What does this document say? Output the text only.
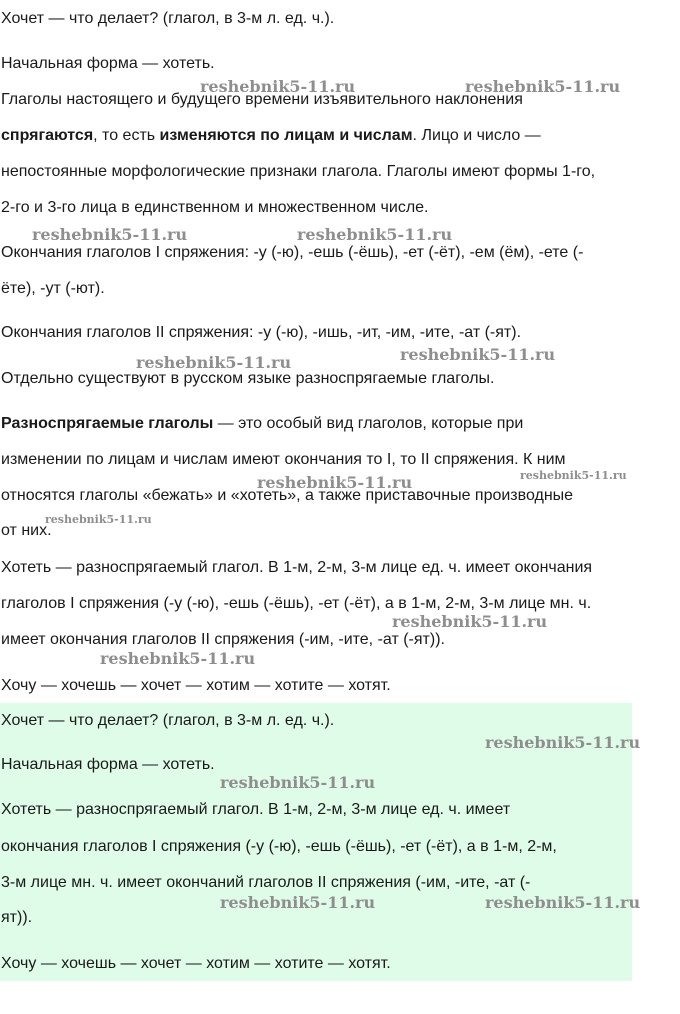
Хочет — что делает? (глагол, в 3-м л. ед. ч.).
Начальная форма — хотеть.
Глаголы настоящего и будущего времени изъявительного наклонения
спрягаются, то есть изменяются по лицам и числам. Лицо и число —
непостоянные морфологические признаки глагола. Глаголы имеют формы 1-го,
2-го и 3-го лица в единственном и множественном числе.
Окончания глаголов I спряжения: -у (-ю), -ешь (-ёшь), -ет (-ёт), -ем (ём), -ете (-
ёте), -ут (-ют).
Окончания глаголов II спряжения: -у (-ю), -ишь, -ит, -им, -ите, -ат (-ят).
Отдельно существуют в русском языке разноспрягаемые глаголы.
Разноспрягаемые глаголы — это особый вид глаголов, которые при
изменении по лицам и числам имеют окончания то I, то II спряжения. К ним
относятся глаголы «бежать» и «хотеть», а также приставочные производные
от них.
Хотеть — разноспрягаемый глагол. В 1-м, 2-м, 3-м лице ед. ч. имеет окончания
глаголов I спряжения (-у (-ю), -ешь (-ёшь), -ет (-ёт), а в 1-м, 2-м, 3-м лице мн. ч.
имеет окончания глаголов II спряжения (-им, -ите, -ат (-ят)).
Хочу — хочешь — хочет — хотим — хотите — хотят.
Хочет — что делает? (глагол, в 3-м л. ед. ч.).
Начальная форма — хотеть.
Хотеть — разноспрягаемый глагол. В 1-м, 2-м, 3-м лице ед. ч. имеет
окончания глаголов I спряжения (-у (-ю), -ешь (-ёшь), -ет (-ёт), а в 1-м, 2-м,
3-м лице мн. ч. имеет окончаний глаголов II спряжения (-им, -ите, -ат (-
ят)).
Хочу — хочешь — хочет — хотим — хотите — хотят.
reshebnik5-11.ru	reshebnik5-11.ru
reshebnik5-11.ru	reshebnik5-11.ru
reshebnik5-11.ru	reshebnik5-11.ru
reshebnik5-11.ru	reshebnik5-11.ru
reshebnik5-11.ru
reshebnik5-11.ru
reshebnik5-11.ru
reshebnik5-11.ru
reshebnik5-11.ru
reshebnik5-11.ru	reshebnik5-11.ru
